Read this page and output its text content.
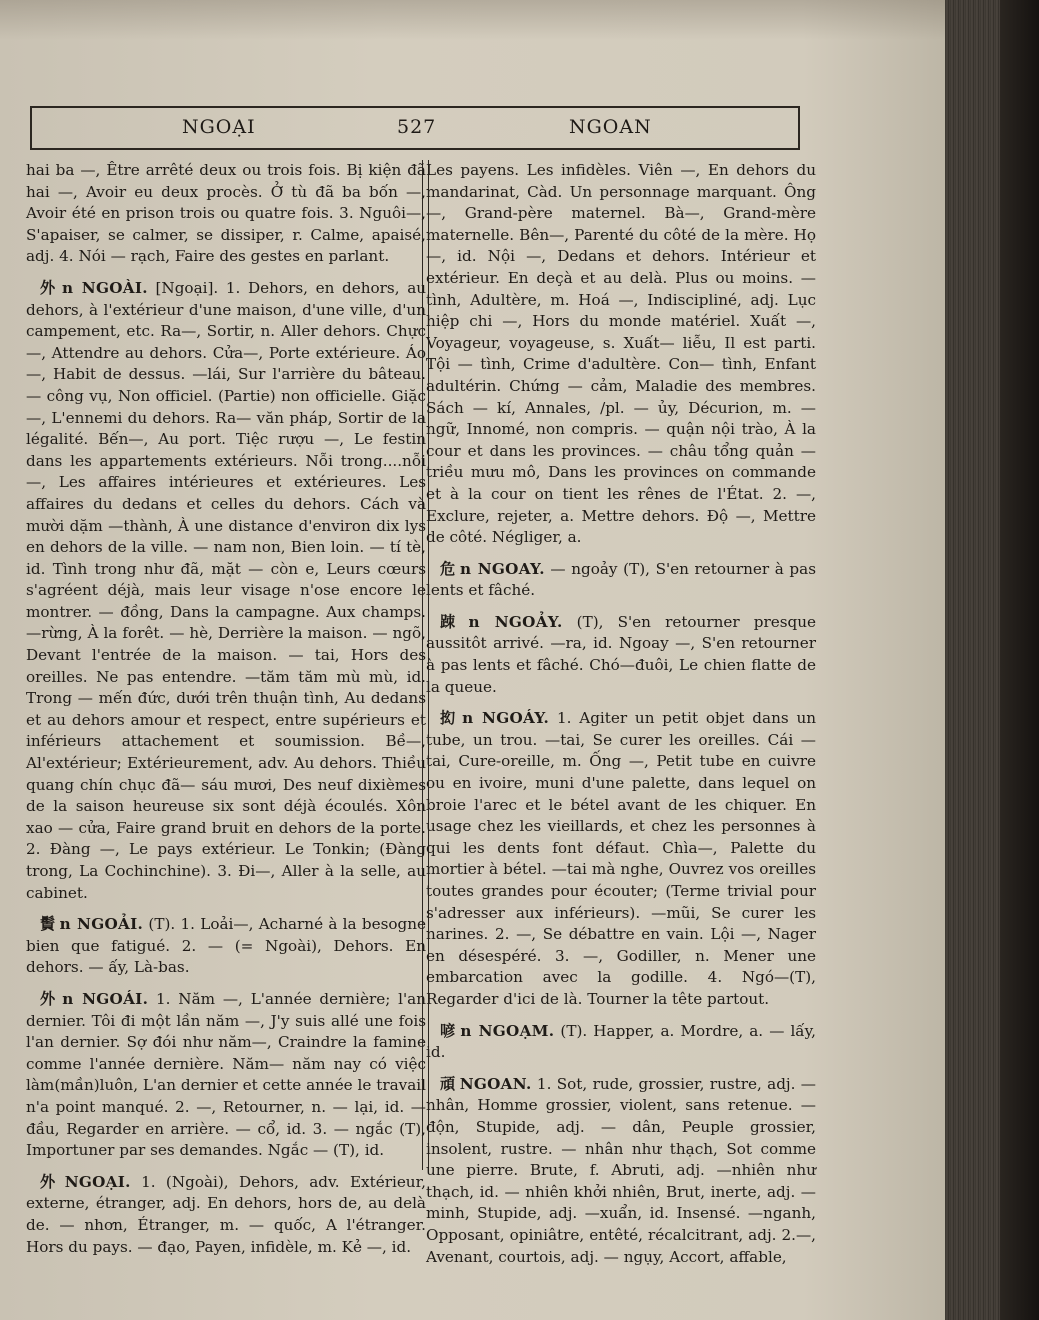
NGOẠI	527	NGOAN

hai ba —, Être arrêté deux ou trois fois. Bị kiện đã hai —, Avoir eu deux procès. Ở tù đã ba bốn —, Avoir été en prison trois ou quatre fois. 3. Nguôi—, S'apaiser, se calmer, se dissiper, r. Calme, apaisé, adj. 4. Nói — rạch, Faire des gestes en parlant.

外 n NGOÀI. [Ngoại]. 1. Dehors, en dehors, au dehors, à l'extérieur d'une maison, d'une ville, d'un campement, etc. Ra—, Sortir, n. Aller dehors. Chực —, Attendre au dehors. Cửa—, Porte extérieure. Áo —, Habit de dessus. —lái, Sur l'arrière du bâteau. — công vụ, Non officiel. (Partie) non officielle. Giặc —, L'ennemi du dehors. Ra— văn pháp, Sortir de la légalité. Bến—, Au port. Tiệc rượu —, Le festin dans les appartements extérieurs. Nỗi trong....nỗi —, Les affaires intérieures et extérieures. Les affaires du dedans et celles du dehors. Cách và mười dặm —thành, À une distance d'environ dix lys en dehors de la ville. — nam non, Bien loin. — tí tè, id. Tình trong như đã, mặt — còn e, Leurs cœurs s'agréent déjà, mais leur visage n'ose encore le montrer. — đồng, Dans la campagne. Aux champs. —rừng, À la forêt. — hè, Derrière la maison. — ngõ, Devant l'entrée de la maison. — tai, Hors des oreilles. Ne pas entendre. —tăm tăm mù mù, id. Trong — mến đức, dưới trên thuận tình, Au dedans et au dehors amour et respect, entre supérieurs et inférieurs attachement et soumission. Bề—, Al'extérieur; Extérieurement, adv. Au dehors. Thiều quang chín chục đã— sáu mươi, Des neuf dixièmes de la saison heureuse six sont déjà écoulés. Xôn xao — cửa, Faire grand bruit en dehors de la porte. 2. Đàng —, Le pays extérieur. Le Tonkin; (Đàng trong, La Cochinchine). 3. Đi—, Aller à la selle, au cabinet.

䰅 n NGOẢI. (T). 1. Loải—, Acharné à la besogne bien que fatigué. 2. — (= Ngoài), Dehors. En dehors. — ấy, Là-bas.

外 n NGOÁI. 1. Năm —, L'année dernière; l'an dernier. Tôi đi một lần năm —, J'y suis allé une fois l'an dernier. Sợ đói như năm—, Craindre la famine comme l'année dernière. Năm— năm nay có việc làm(mần)luôn, L'an dernier et cette année le travail n'a point manqué. 2. —, Retourner, n. — lại, id. — đầu, Regarder en arrière. — cổ, id. 3. — ngắc (T), Importuner par ses demandes. Ngắc — (T), id.

外 NGOẠI. 1. (Ngoài), Dehors, adv. Extérieur, externe, étranger, adj. En dehors, hors de, au delà de. — nhơn, Étranger, m. — quốc, A l'étranger. Hors du pays. — đạo, Payen, infidèle, m. Kẻ —, id.

Les payens. Les infidèles. Viên —, En dehors du mandarinat, Càd. Un personnage marquant. Ông —, Grand-père maternel. Bà—, Grand-mère maternelle. Bên—, Parenté du côté de la mère. Họ —, id. Nội —, Dedans et dehors. Intérieur et extérieur. En deçà et au delà. Plus ou moins. —tình, Adultère, m. Hoá —, Indiscipliné, adj. Lục hiệp chi —, Hors du monde matériel. Xuất —, Voyageur, voyageuse, s. Xuất— liễu, Il est parti. Tội — tình, Crime d'adultère. Con— tình, Enfant adultérin. Chứng — cảm, Maladie des membres. Sách — kí, Annales, /pl. — ủy, Décurion, m. — ngữ, Innomé, non compris. — quận nội trào, À la cour et dans les provinces. — châu tổng quản — triều mưu mô, Dans les provinces on commande et à la cour on tient les rênes de l'État. 2. —, Exclure, rejeter, a. Mettre dehors. Độ —, Mettre de côté. Négliger, a.

危 n NGOAY. — ngoảy (T), S'en retourner à pas lents et fâché.

䟱 n NGOẢY. (T), S'en retourner presque aussitôt arrivé. —ra, id. Ngoay —, S'en retourner à pas lents et fâché. Chó—đuôi, Le chien flatte de la queue.

抝 n NGOÁY. 1. Agiter un petit objet dans un tube, un trou. —tai, Se curer les oreilles. Cái — tai, Cure-oreille, m. Ống —, Petit tube en cuivre ou en ivoire, muni d'une palette, dans lequel on broie l'arec et le bétel avant de les chiquer. En usage chez les vieillards, et chez les personnes à qui les dents font défaut. Chìa—, Palette du mortier à bétel. —tai mà nghe, Ouvrez vos oreilles toutes grandes pour écouter; (Terme trivial pour s'adresser aux inférieurs). —mũi, Se curer les narines. 2. —, Se débattre en vain. Lội —, Nager en désespéré. 3. —, Godiller, n. Mener une embarcation avec la godille. 4. Ngó—(T), Regarder d'ici de là. Tourner la tête partout.

喭 n NGOẠM. (T). Happer, a. Mordre, a. — lấy, id.

頑 NGOAN. 1. Sot, rude, grossier, rustre, adj. — nhân, Homme grossier, violent, sans retenue. — độn, Stupide, adj. — dân, Peuple grossier, insolent, rustre. — nhân như thạch, Sot comme une pierre. Brute, f. Abruti, adj. —nhiên như thạch, id. — nhiên khởi nhiên, Brut, inerte, adj. — minh, Stupide, adj. —xuẩn, id. Insensé. —nganh, Opposant, opiniâtre, entêté, récalcitrant, adj. 2.—, Avenant, courtois, adj. — ngụy, Accort, affable,
